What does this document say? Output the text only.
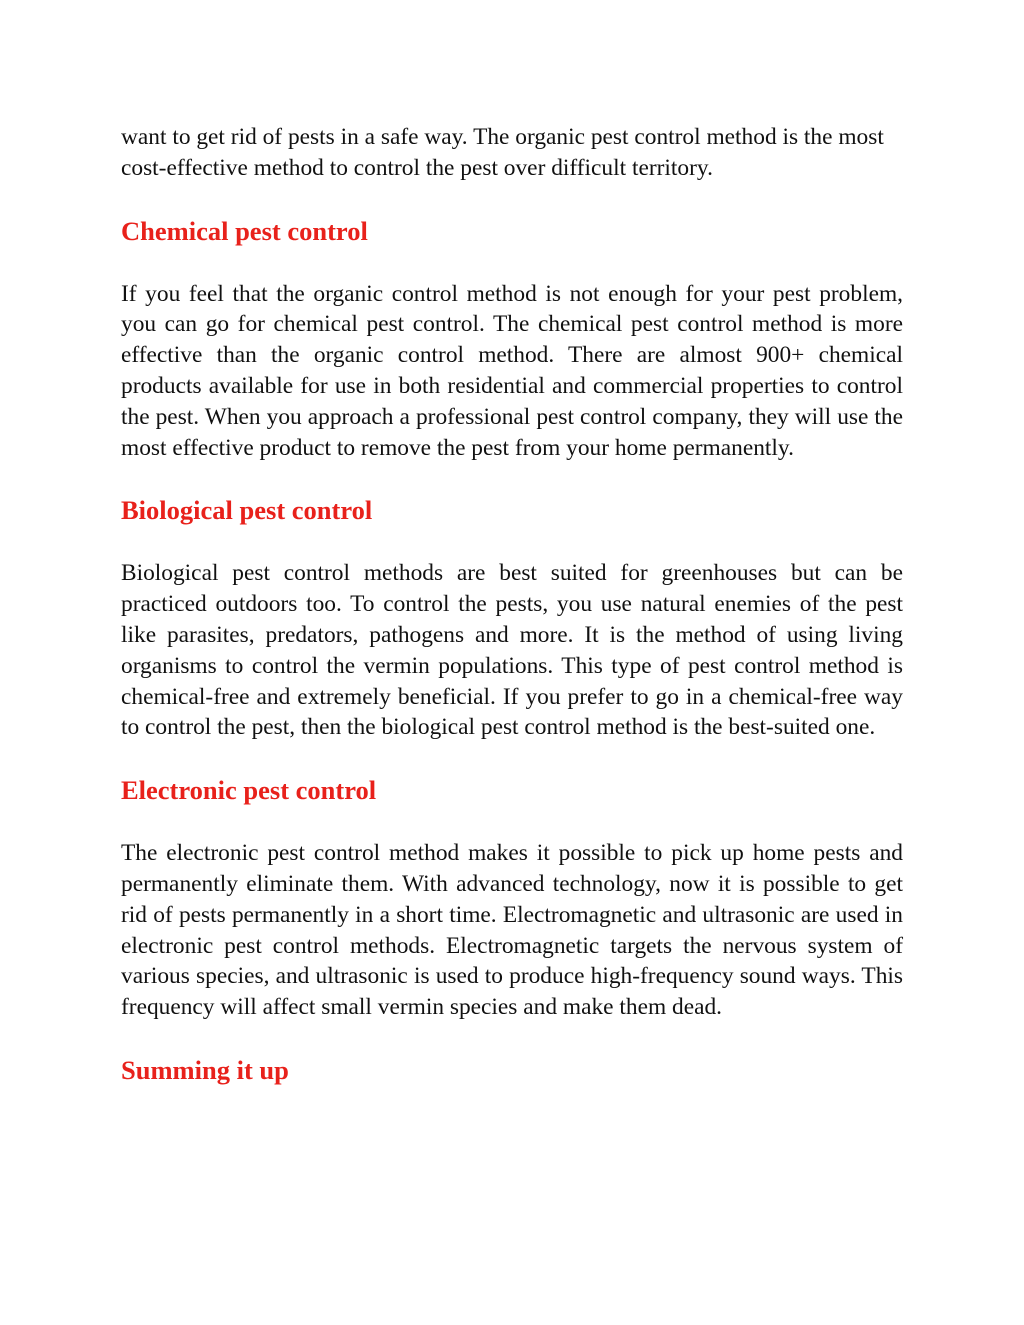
want to get rid of pests in a safe way. The organic pest control method is the most cost-effective method to control the pest over difficult territory.

Chemical pest control

If you feel that the organic control method is not enough for your pest problem, you can go for chemical pest control. The chemical pest control method is more effective than the organic control method. There are almost 900+ chemical products available for use in both residential and commercial properties to control the pest. When you approach a professional pest control company, they will use the most effective product to remove the pest from your home permanently.

Biological pest control

Biological pest control methods are best suited for greenhouses but can be practiced outdoors too. To control the pests, you use natural enemies of the pest like parasites, predators, pathogens and more. It is the method of using living organisms to control the vermin populations. This type of pest control method is chemical-free and extremely beneficial. If you prefer to go in a chemical-free way to control the pest, then the biological pest control method is the best-suited one.

Electronic pest control

The electronic pest control method makes it possible to pick up home pests and permanently eliminate them. With advanced technology, now it is possible to get rid of pests permanently in a short time. Electromagnetic and ultrasonic are used in electronic pest control methods. Electromagnetic targets the nervous system of various species, and ultrasonic is used to produce high-frequency sound ways. This frequency will affect small vermin species and make them dead.

Summing it up
